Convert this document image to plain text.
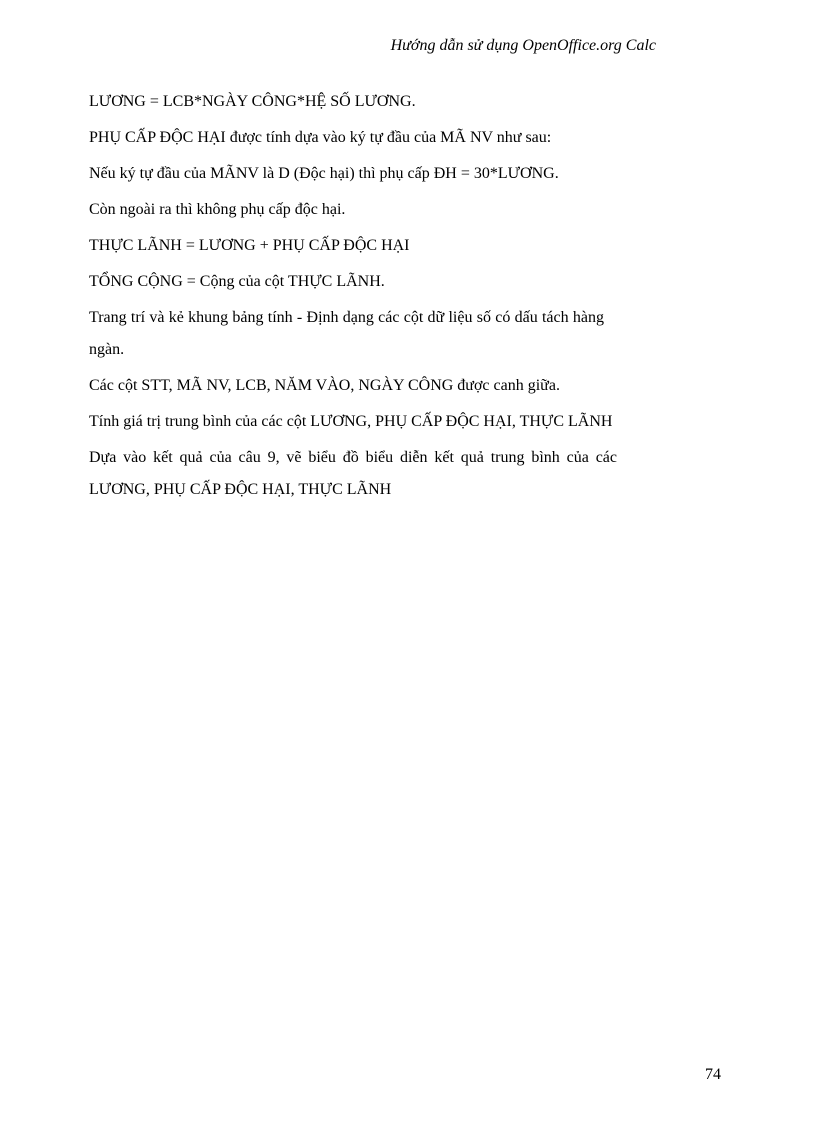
Hướng dẫn sử dụng OpenOffice.org Calc

LƯƠNG = LCB*NGÀY CÔNG*HỆ SỐ LƯƠNG.

PHỤ CẤP ĐỘC HẠI được tính dựa vào ký tự đầu của MÃ NV như sau:

Nếu ký tự đầu của MÃNV là D (Độc hại) thì phụ cấp ĐH = 30*LƯƠNG.

Còn ngoài ra thì không phụ cấp độc hại.

THỰC LÃNH = LƯƠNG + PHỤ CẤP ĐỘC HẠI

TỔNG CỘNG = Cộng của cột THỰC LÃNH.

Trang trí và kẻ khung bảng tính - Định dạng các cột dữ liệu số có dấu tách hàng ngàn.

Các cột STT, MÃ NV, LCB, NĂM VÀO, NGÀY CÔNG được canh giữa.

Tính giá trị trung bình của các cột LƯƠNG, PHỤ CẤP ĐỘC HẠI, THỰC LÃNH

Dựa vào kết quả của câu 9, vẽ biểu đồ biểu diễn kết quả trung bình của các LƯƠNG, PHỤ CẤP ĐỘC HẠI, THỰC LÃNH

74
